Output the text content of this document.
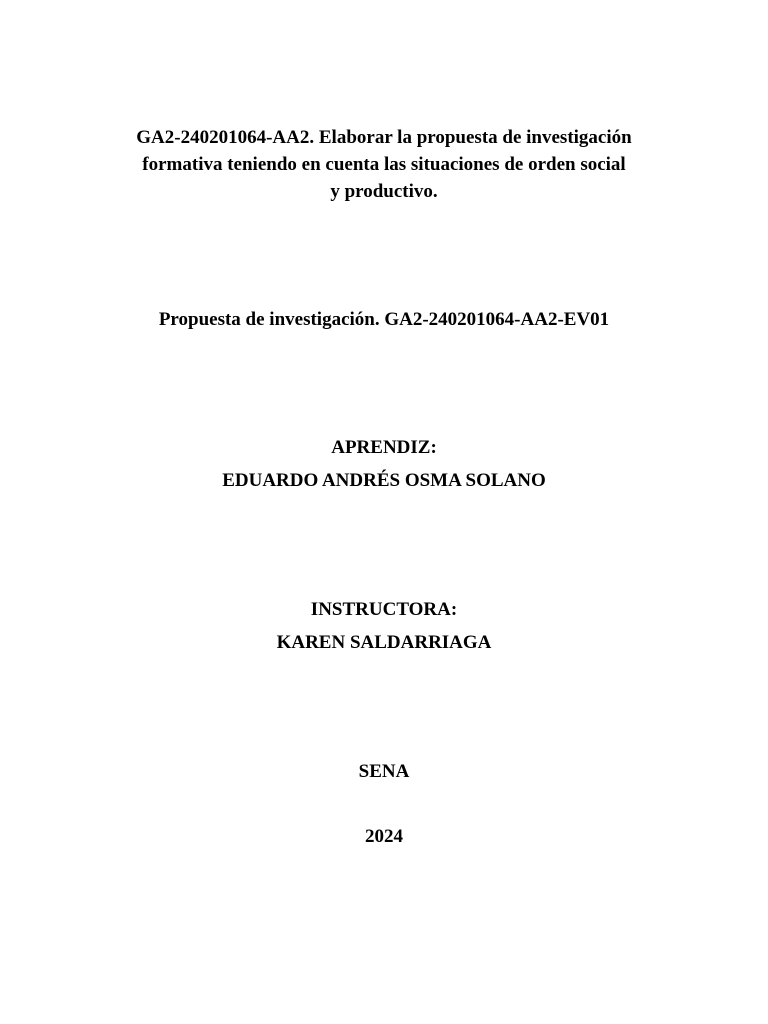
GA2-240201064-AA2. Elaborar la propuesta de investigación
formativa teniendo en cuenta las situaciones de orden social
y productivo.
Propuesta de investigación. GA2-240201064-AA2-EV01
APRENDIZ:
EDUARDO ANDRÉS OSMA SOLANO
INSTRUCTORA:
KAREN SALDARRIAGA
SENA
2024
